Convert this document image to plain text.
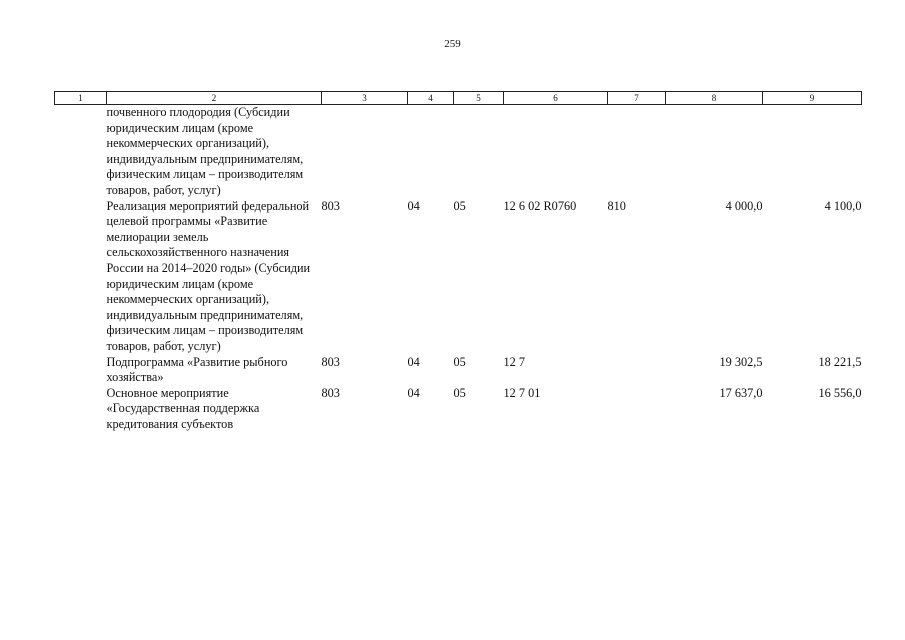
259
1	2	3	4	5	6	7	8	9
	почвенного плодородия (Субсидии юридическим лицам (кроме некоммерческих организаций), индивидуальным предпринимателям, физическим лицам – производителям товаров, работ, услуг)							
	Реализация мероприятий федеральной целевой программы «Развитие мелиорации земель сельскохозяйственного назначения России на 2014–2020 годы» (Субсидии юридическим лицам (кроме некоммерческих организаций), индивидуальным предпринимателям, физическим лицам – производителям товаров, работ, услуг)	803	04	05	12 6 02 R0760	810	4 000,0	4 100,0
	Подпрограмма «Развитие рыбного хозяйства»	803	04	05	12 7		19 302,5	18 221,5
	Основное мероприятие «Государственная поддержка кредитования субъектов	803	04	05	12 7 01		17 637,0	16 556,0
